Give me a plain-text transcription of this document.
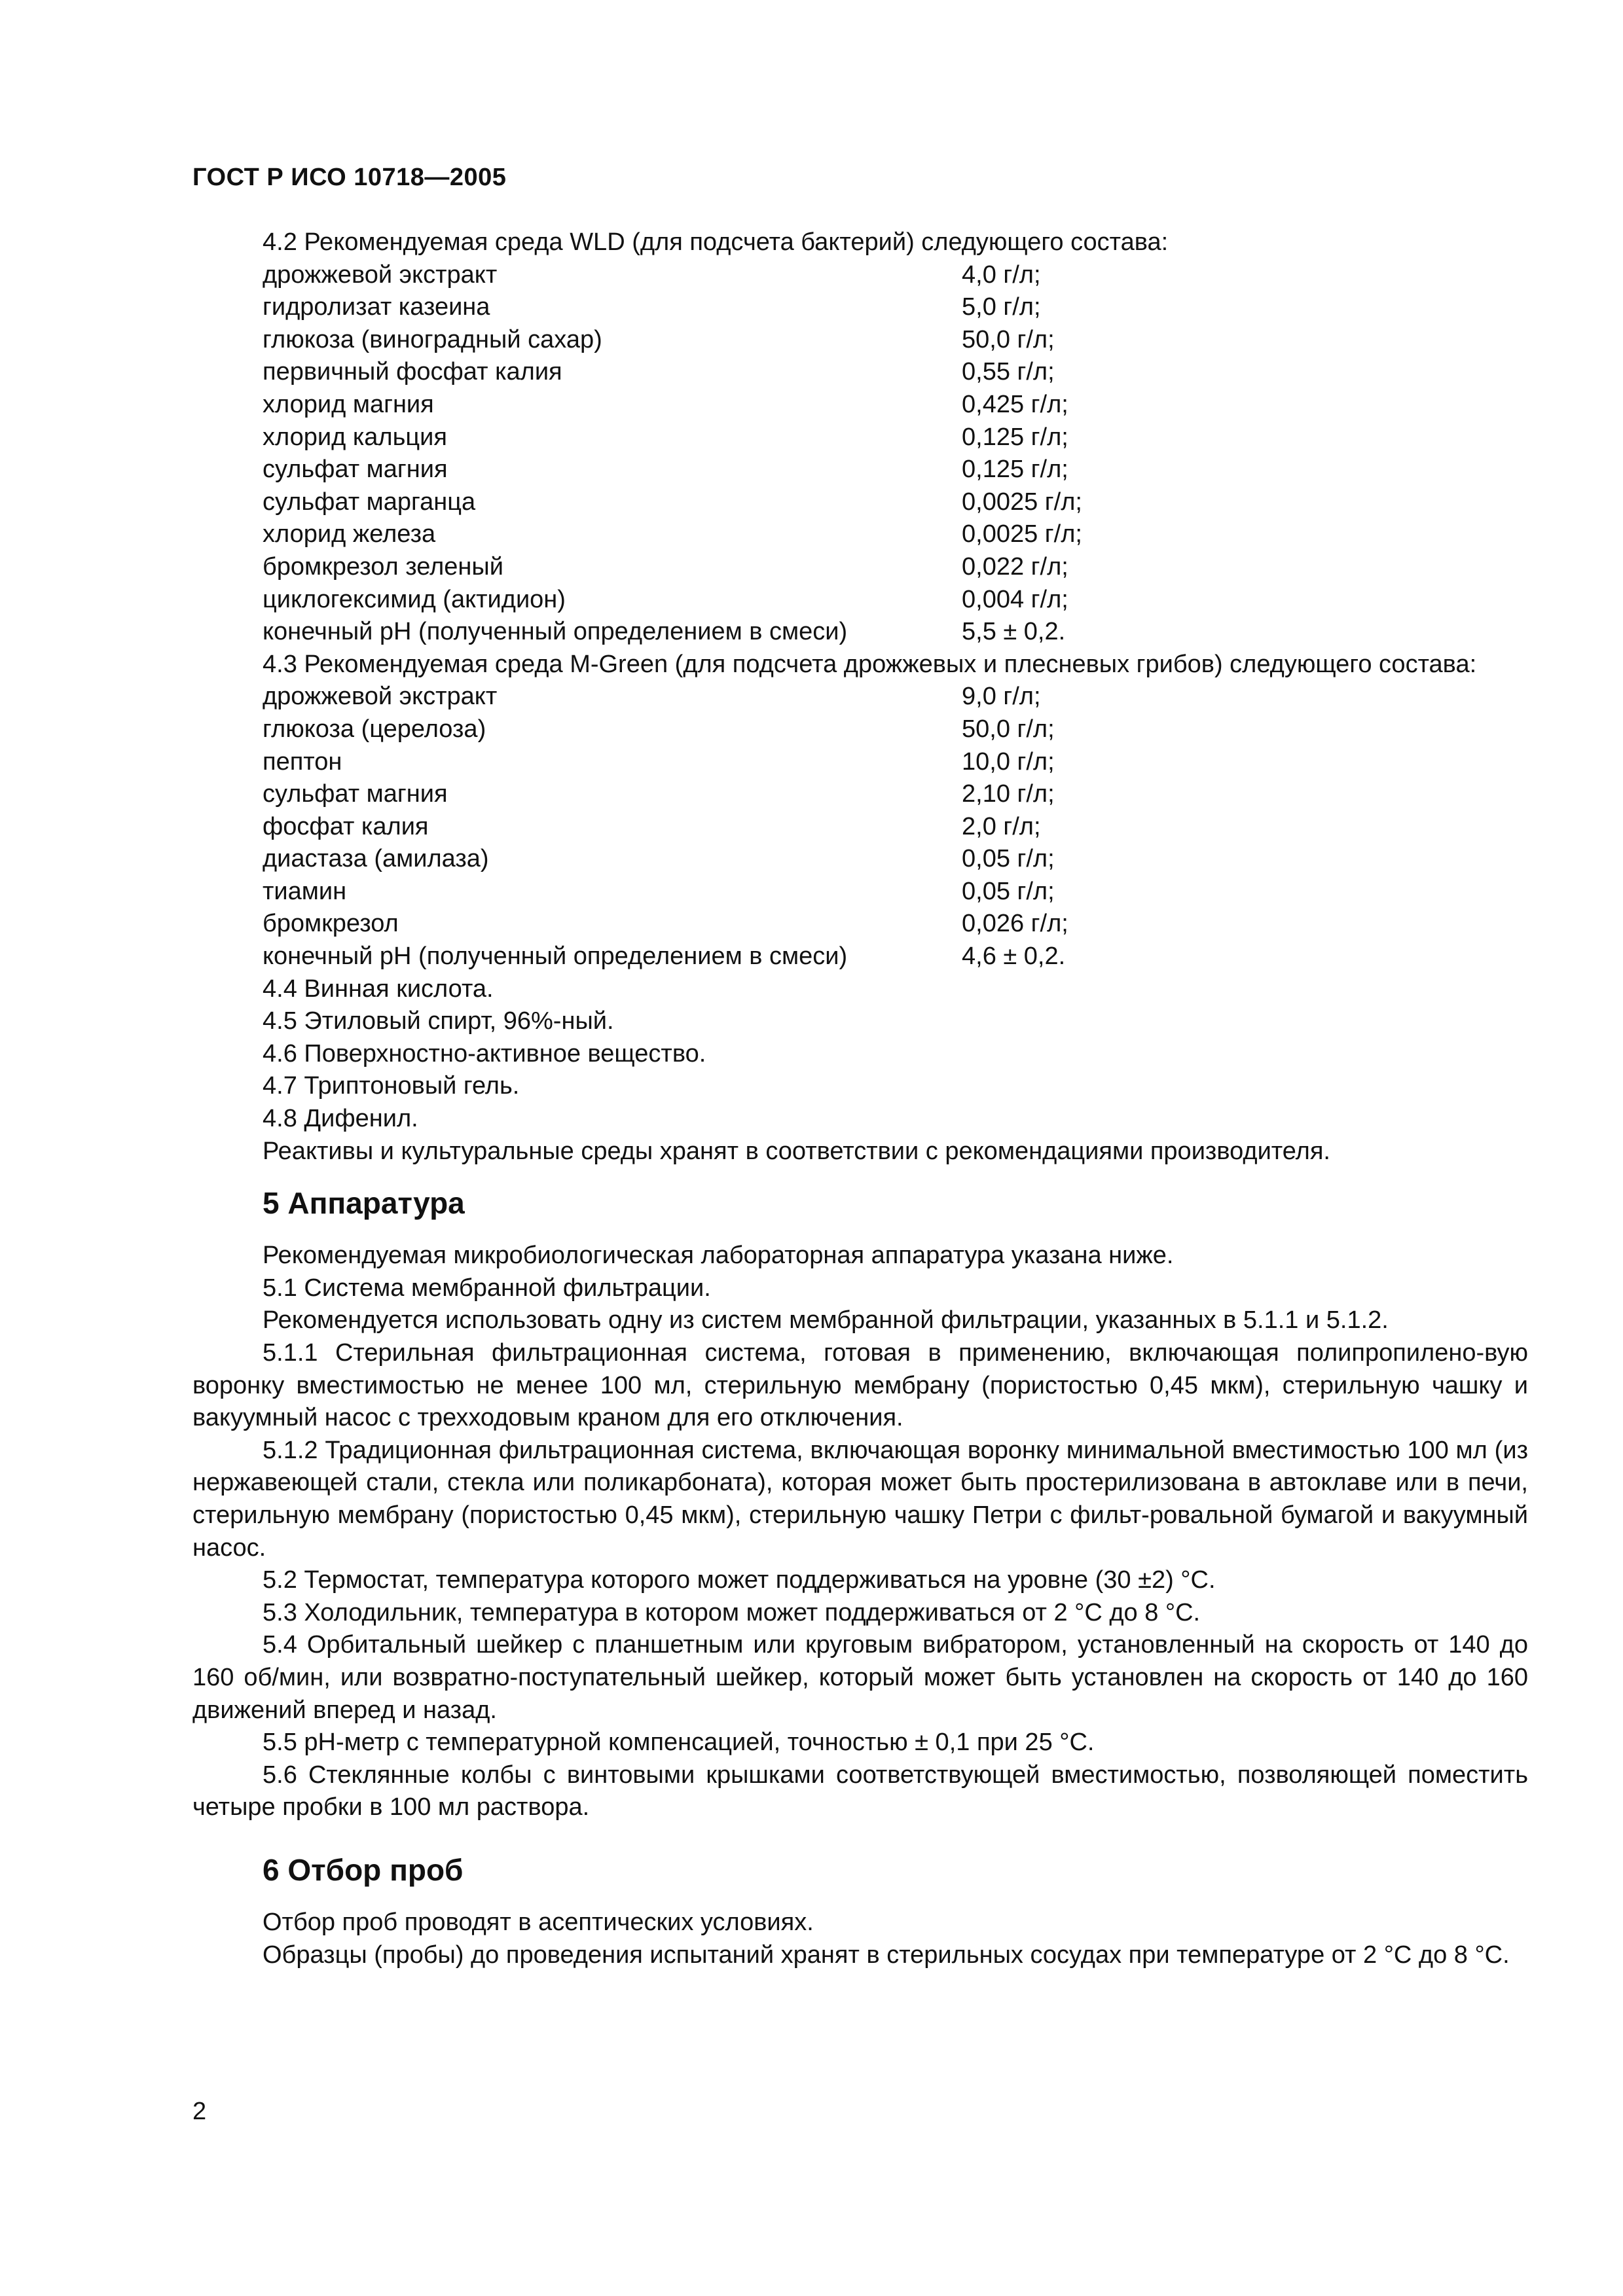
ГОСТ Р ИСО 10718—2005
4.2 Рекомендуемая среда WLD (для подсчета бактерий) следующего состава:
дрожжевой экстракт	4,0 г/л;
гидролизат казеина	5,0 г/л;
глюкоза (виноградный сахар)	50,0 г/л;
первичный фосфат калия	0,55 г/л;
хлорид магния	0,425 г/л;
хлорид кальция	0,125 г/л;
сульфат магния	0,125 г/л;
сульфат марганца	0,0025 г/л;
хлорид железа	0,0025 г/л;
бромкрезол зеленый	0,022 г/л;
циклогексимид (актидион)	0,004 г/л;
конечный рН (полученный определением в смеси)	5,5 ± 0,2.
4.3 Рекомендуемая среда M-Green (для подсчета дрожжевых и плесневых грибов) следующего состава:
дрожжевой экстракт	9,0 г/л;
глюкоза (церелоза)	50,0 г/л;
пептон	10,0 г/л;
сульфат магния	2,10 г/л;
фосфат калия	2,0 г/л;
диастаза (амилаза)	0,05 г/л;
тиамин	0,05 г/л;
бромкрезол	0,026 г/л;
конечный рН (полученный определением в смеси)	4,6 ± 0,2.
4.4 Винная кислота.
4.5 Этиловый спирт, 96%-ный.
4.6 Поверхностно-активное вещество.
4.7 Триптоновый гель.
4.8 Дифенил.
Реактивы и культуральные среды хранят в соответствии с рекомендациями производителя.
5 Аппаратура
Рекомендуемая микробиологическая лабораторная аппаратура указана ниже.
5.1 Система мембранной фильтрации.
Рекомендуется использовать одну из систем мембранной фильтрации, указанных в 5.1.1 и 5.1.2.
5.1.1 Стерильная фильтрационная система, готовая в применению, включающая полипропилено-вую воронку вместимостью не менее 100 мл, стерильную мембрану (пористостью 0,45 мкм), стерильную чашку и вакуумный насос с трехходовым краном для его отключения.
5.1.2 Традиционная фильтрационная система, включающая воронку минимальной вместимостью 100 мл (из нержавеющей стали, стекла или поликарбоната), которая может быть простерилизована в автоклаве или в печи, стерильную мембрану (пористостью 0,45 мкм), стерильную чашку Петри с фильт-ровальной бумагой и вакуумный насос.
5.2 Термостат, температура которого может поддерживаться на уровне (30 ±2) °С.
5.3 Холодильник, температура в котором может поддерживаться от 2 °С до 8 °С.
5.4 Орбитальный шейкер с планшетным или круговым вибратором, установленный на скорость от 140 до 160 об/мин, или возвратно-поступательный шейкер, который может быть установлен на скорость от 140 до 160 движений вперед и назад.
5.5 рН-метр с температурной компенсацией, точностью ± 0,1 при 25 °С.
5.6 Стеклянные колбы с винтовыми крышками соответствующей вместимостью, позволяющей поместить четыре пробки в 100 мл раствора.
6 Отбор проб
Отбор проб проводят в асептических условиях.
Образцы (пробы) до проведения испытаний хранят в стерильных сосудах при температуре от 2 °С до 8 °С.
2
